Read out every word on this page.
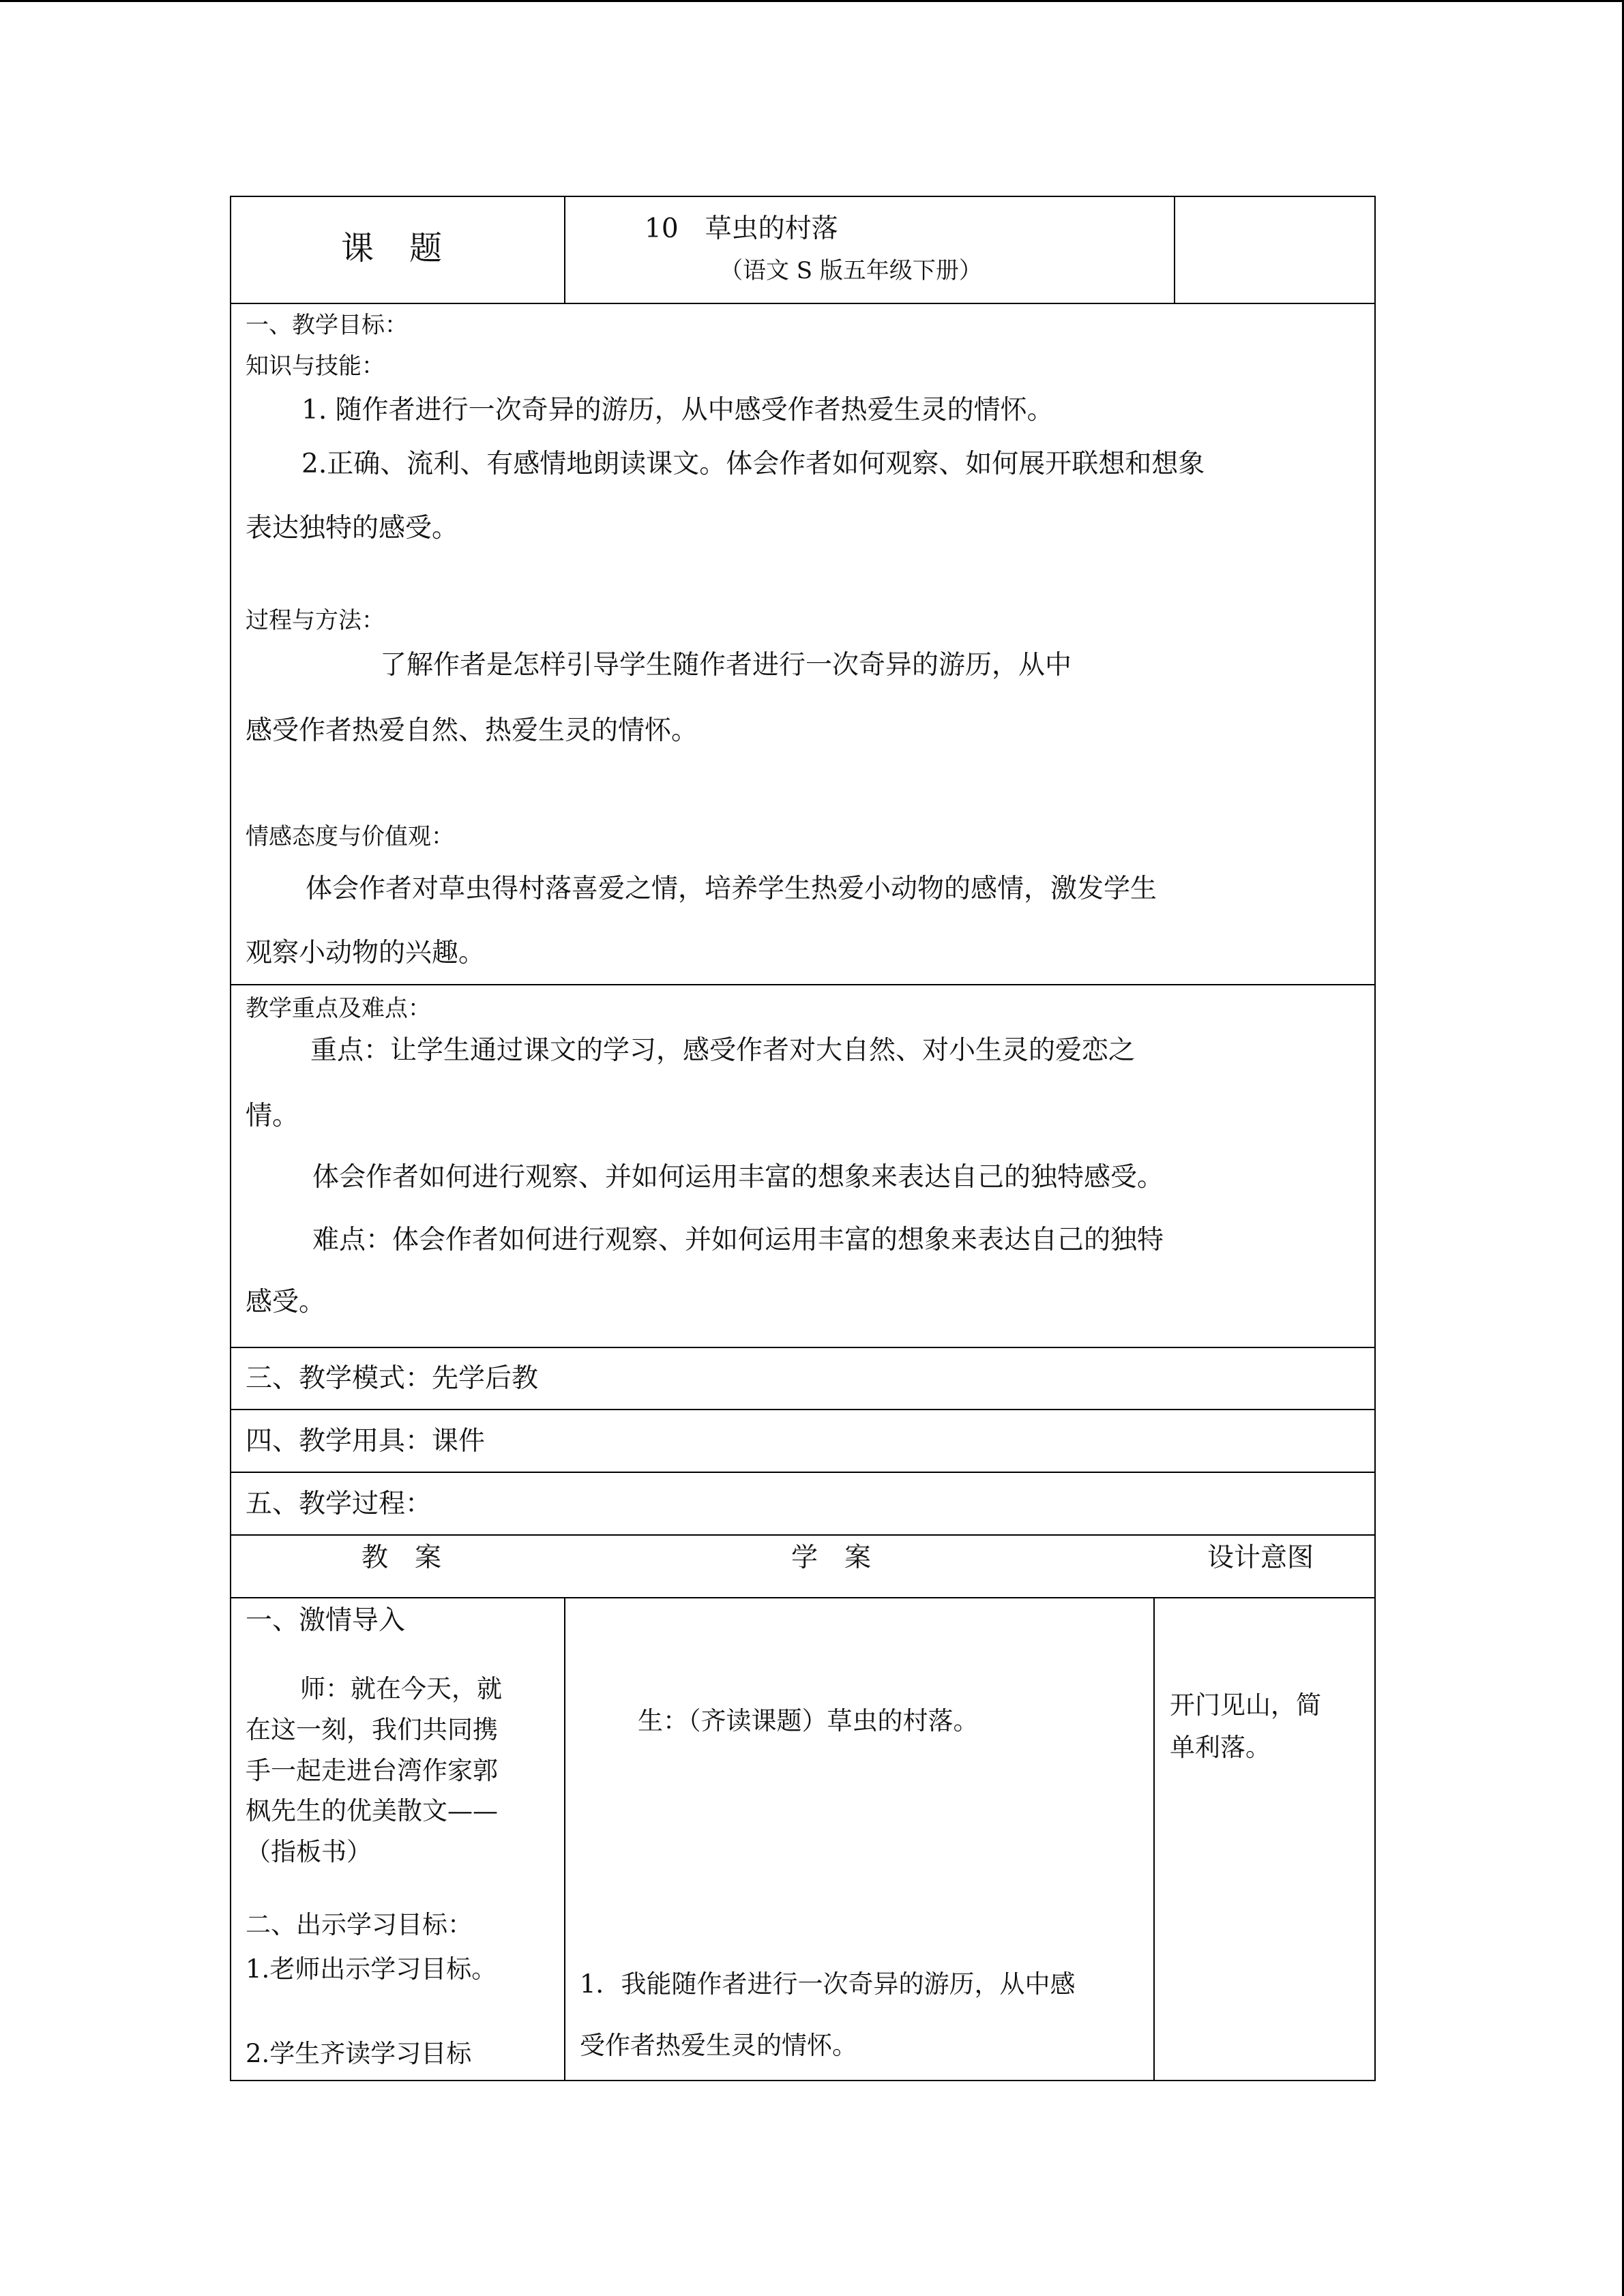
课　题
10　草虫的村落
（语文 S 版五年级下册）
一、教学目标：
知识与技能：
1. 随作者进行一次奇异的游历，从中感受作者热爱生灵的情怀。
2.正确、流利、有感情地朗读课文。体会作者如何观察、如何展开联想和想象
表达独特的感受。
过程与方法：
了解作者是怎样引导学生随作者进行一次奇异的游历，从中
感受作者热爱自然、热爱生灵的情怀。
情感态度与价值观：
体会作者对草虫得村落喜爱之情，培养学生热爱小动物的感情，激发学生
观察小动物的兴趣。
教学重点及难点：
重点：让学生通过课文的学习，感受作者对大自然、对小生灵的爱恋之
情。
体会作者如何进行观察、并如何运用丰富的想象来表达自己的独特感受。
难点：体会作者如何进行观察、并如何运用丰富的想象来表达自己的独特
感受。
三、教学模式：先学后教
四、教学用具：课件
五、教学过程：
教　案	学　案	设计意图
一、激情导入
师：就在今天，就
在这一刻，我们共同携
手一起走进台湾作家郭
枫先生的优美散文——
（指板书）
二、出示学习目标：
1.老师出示学习目标。
2.学生齐读学习目标
生：（齐读课题）草虫的村落。
1．我能随作者进行一次奇异的游历，从中感
受作者热爱生灵的情怀。
开门见山，简
单利落。
